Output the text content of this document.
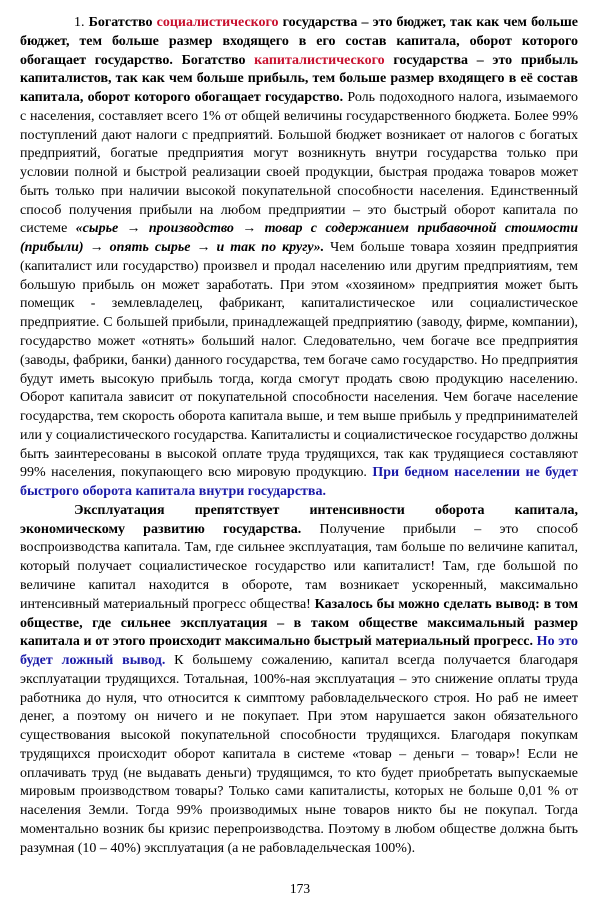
1. Богатство социалистического государства – это бюджет, так как чем больше бюджет, тем больше размер входящего в его состав капитала, оборот которого обогащает государство. Богатство капиталистического государства – это прибыль капиталистов, так как чем больше прибыль, тем больше размер входящего в её состав капитала, оборот которого обогащает государство. Роль подоходного налога, изымаемого с населения, составляет всего 1% от общей величины государственного бюджета. Более 99% поступлений дают налоги с предприятий. Большой бюджет возникает от налогов с богатых предприятий, богатые предприятия могут возникнуть внутри государства только при условии полной и быстрой реализации своей продукции, быстрая продажа товаров может быть только при наличии высокой покупательной способности населения. Единственный способ получения прибыли на любом предприятии – это быстрый оборот капитала по системе «сырье → производство → товар с содержанием прибавочной стоимости (прибыли) → опять сырье → и так по кругу». Чем больше товара хозяин предприятия (капиталист или государство) произвел и продал населению или другим предприятиям, тем большую прибыль он может заработать. При этом «хозяином» предприятия может быть помещик - землевладелец, фабрикант, капиталистическое или социалистическое предприятие. С большей прибыли, принадлежащей предприятию (заводу, фирме, компании), государство может «отнять» больший налог. Следовательно, чем богаче все предприятия (заводы, фабрики, банки) данного государства, тем богаче само государство. Но предприятия будут иметь высокую прибыль тогда, когда смогут продать свою продукцию населению. Оборот капитала зависит от покупательной способности населения. Чем богаче население государства, тем скорость оборота капитала выше, и тем выше прибыль у предпринимателей или у социалистического государства. Капиталисты и социалистическое государство должны быть заинтересованы в высокой оплате труда трудящихся, так как трудящиеся составляют 99% населения, покупающего всю мировую продукцию. При бедном населении не будет быстрого оборота капитала внутри государства.

Эксплуатация препятствует интенсивности оборота капитала, экономическому развитию государства. Получение прибыли – это способ воспроизводства капитала. Там, где сильнее эксплуатация, там больше по величине капитал, который получает социалистическое государство или капиталист! Там, где большой по величине капитал находится в обороте, там возникает ускоренный, максимально интенсивный материальный прогресс общества! Казалось бы можно сделать вывод: в том обществе, где сильнее эксплуатация – в таком обществе максимальный размер капитала и от этого происходит максимально быстрый материальный прогресс. Но это будет ложный вывод. К большему сожалению, капитал всегда получается благодаря эксплуатации трудящихся. Тотальная, 100%-ная эксплуатация – это снижение оплаты труда работника до нуля, что относится к симптому рабовладельческого строя. Но раб не имеет денег, а поэтому он ничего и не покупает. При этом нарушается закон обязательного существования высокой покупательной способности трудящихся. Благодаря покупкам трудящихся происходит оборот капитала в системе «товар – деньги – товар»! Если не оплачивать труд (не выдавать деньги) трудящимся, то кто будет приобретать выпускаемые мировым производством товары? Только сами капиталисты, которых не больше 0,01 % от населения Земли. Тогда 99% производимых ныне товаров никто бы не покупал. Тогда моментально возник бы кризис перепроизводства. Поэтому в любом обществе должна быть разумная (10 – 40%) эксплуатация (а не рабовладельческая 100%).

173
